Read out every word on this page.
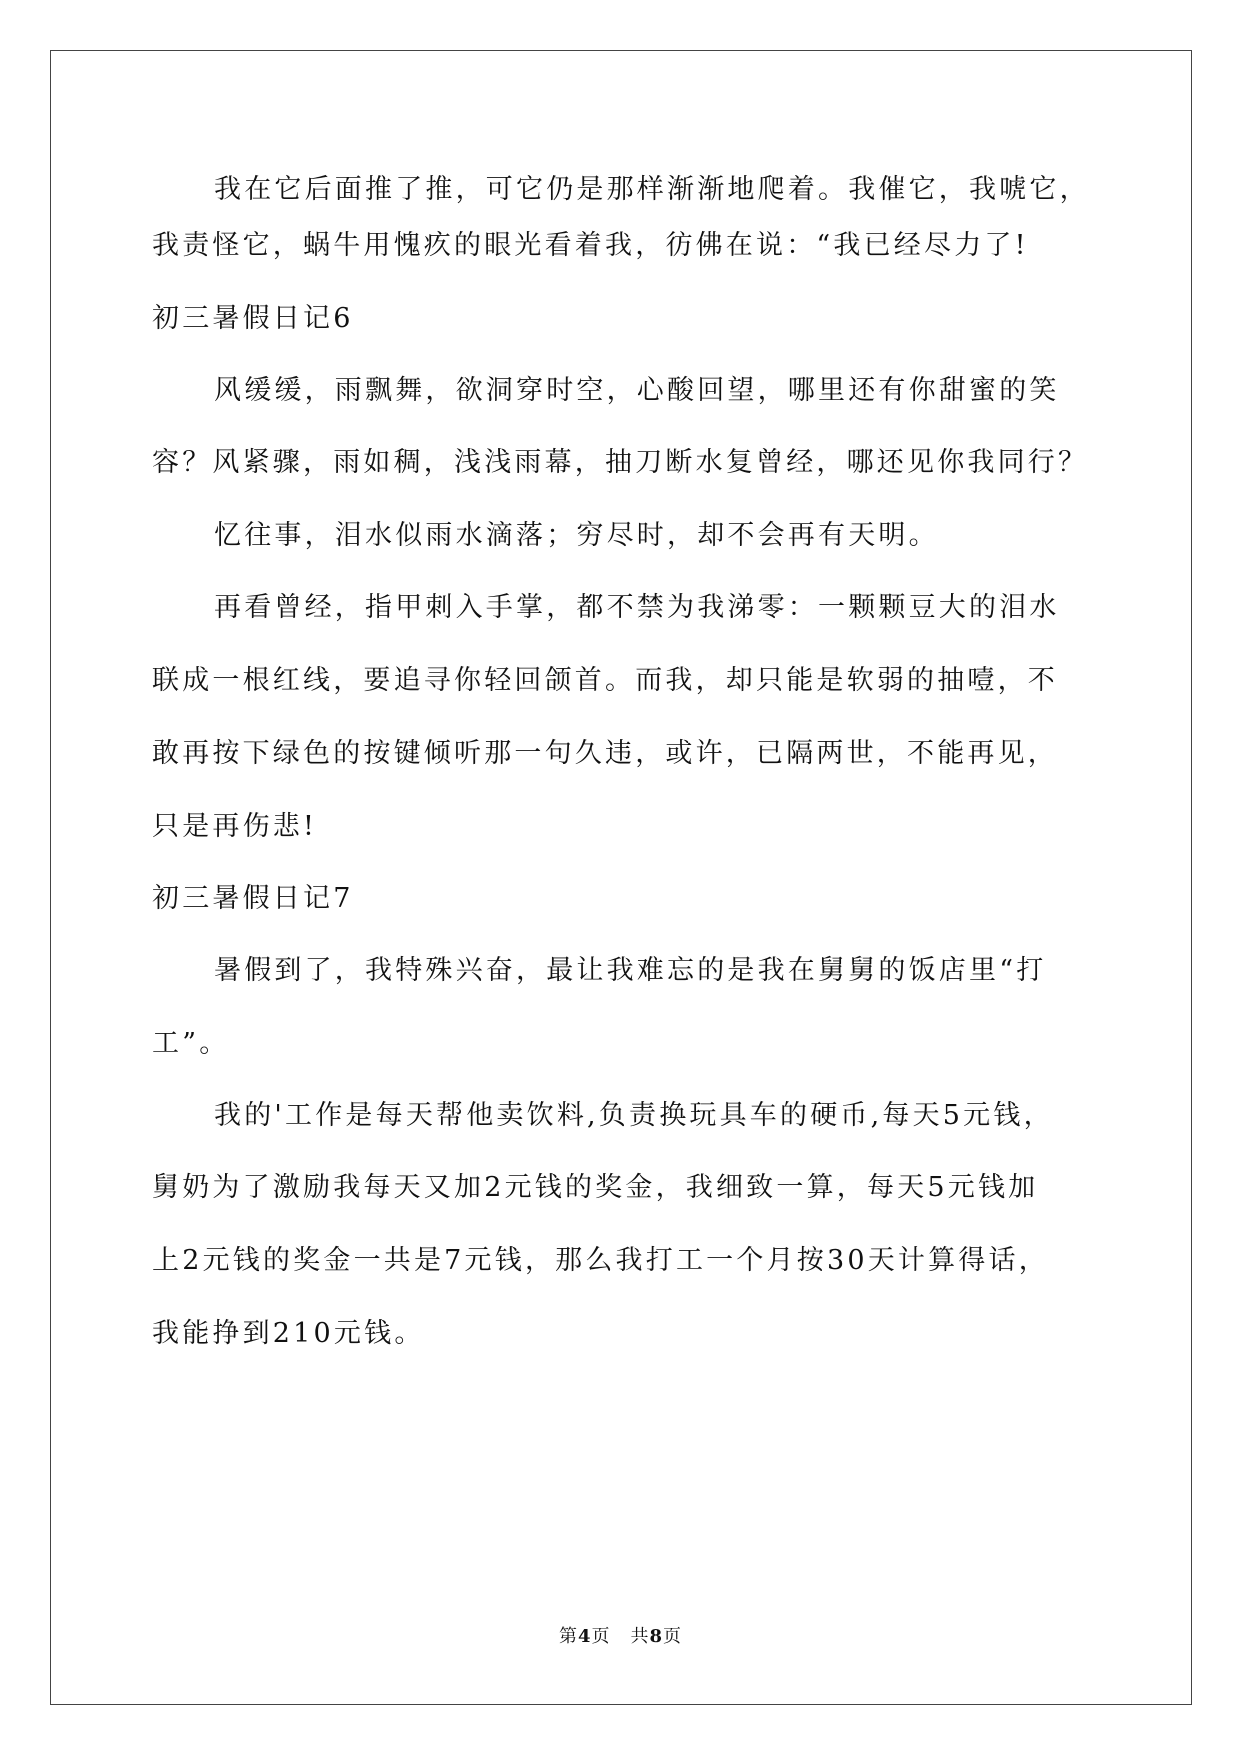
我在它后面推了推，可它仍是那样渐渐地爬着。我催它，我唬它，
我责怪它，蜗牛用愧疚的眼光看着我，彷佛在说：“我已经尽力了!
初三暑假日记6
风缓缓，雨飘舞，欲洞穿时空，心酸回望，哪里还有你甜蜜的笑
容？风紧骤，雨如稠，浅浅雨幕，抽刀断水复曾经，哪还见你我同行？
忆往事，泪水似雨水滴落；穷尽时，却不会再有天明。
再看曾经，指甲刺入手掌，都不禁为我涕零：一颗颗豆大的泪水
联成一根红线，要追寻你轻回颌首。而我，却只能是软弱的抽噎，不
敢再按下绿色的按键倾听那一句久违，或许，已隔两世，不能再见，
只是再伤悲!
初三暑假日记7
暑假到了，我特殊兴奋，最让我难忘的是我在舅舅的饭店里“打
工”。
我的'工作是每天帮他卖饮料,负责换玩具车的硬币,每天5元钱，
舅奶为了激励我每天又加2元钱的奖金，我细致一算，每天5元钱加
上2元钱的奖金一共是7元钱，那么我打工一个月按30天计算得话，
我能挣到210元钱。
第4页 共8页
